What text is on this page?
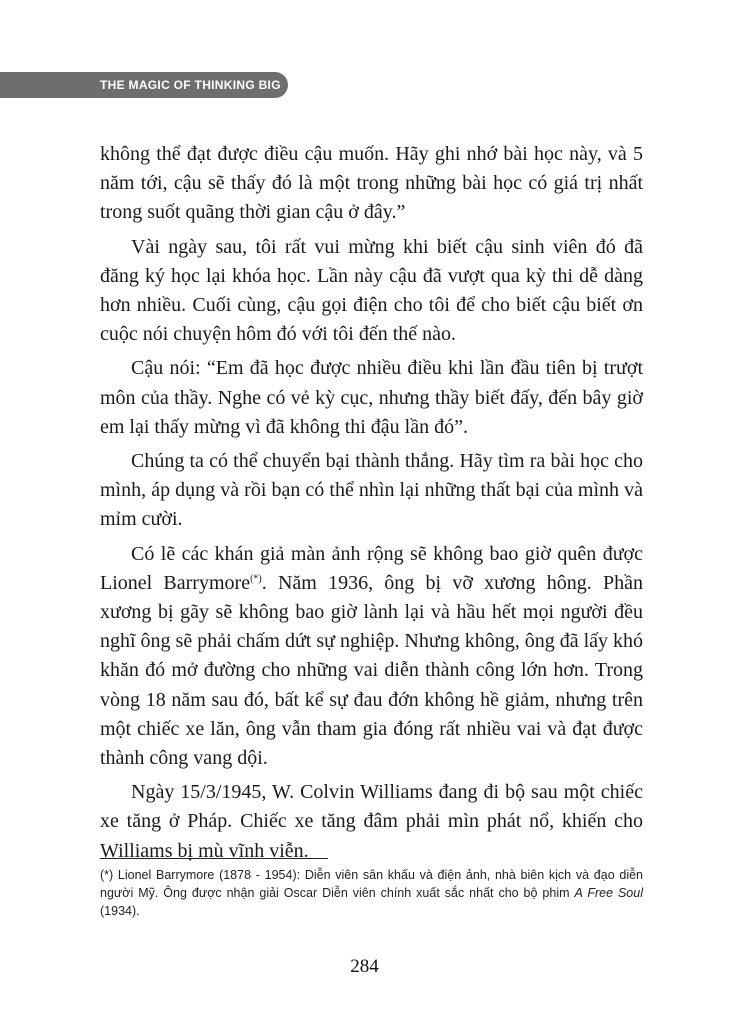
THE MAGIC OF THINKING BIG

không thể đạt được điều cậu muốn. Hãy ghi nhớ bài học này, và 5 năm tới, cậu sẽ thấy đó là một trong những bài học có giá trị nhất trong suốt quãng thời gian cậu ở đây.”

Vài ngày sau, tôi rất vui mừng khi biết cậu sinh viên đó đã đăng ký học lại khóa học. Lần này cậu đã vượt qua kỳ thi dễ dàng hơn nhiều. Cuối cùng, cậu gọi điện cho tôi để cho biết cậu biết ơn cuộc nói chuyện hôm đó với tôi đến thế nào.

Cậu nói: “Em đã học được nhiều điều khi lần đầu tiên bị trượt môn của thầy. Nghe có vẻ kỳ cục, nhưng thầy biết đấy, đến bây giờ em lại thấy mừng vì đã không thi đậu lần đó”.

Chúng ta có thể chuyển bại thành thắng. Hãy tìm ra bài học cho mình, áp dụng và rồi bạn có thể nhìn lại những thất bại của mình và mỉm cười.

Có lẽ các khán giả màn ảnh rộng sẽ không bao giờ quên được Lionel Barrymore(*). Năm 1936, ông bị vỡ xương hông. Phần xương bị gãy sẽ không bao giờ lành lại và hầu hết mọi người đều nghĩ ông sẽ phải chấm dứt sự nghiệp. Nhưng không, ông đã lấy khó khăn đó mở đường cho những vai diễn thành công lớn hơn. Trong vòng 18 năm sau đó, bất kể sự đau đớn không hề giảm, nhưng trên một chiếc xe lăn, ông vẫn tham gia đóng rất nhiều vai và đạt được thành công vang dội.

Ngày 15/3/1945, W. Colvin Williams đang đi bộ sau một chiếc xe tăng ở Pháp. Chiếc xe tăng đâm phải mìn phát nổ, khiến cho Williams bị mù vĩnh viễn.

(*) Lionel Barrymore (1878 - 1954): Diễn viên sân khấu và điện ảnh, nhà biên kịch và đạo diễn người Mỹ. Ông được nhận giải Oscar Diễn viên chính xuất sắc nhất cho bộ phim A Free Soul (1934).
284
